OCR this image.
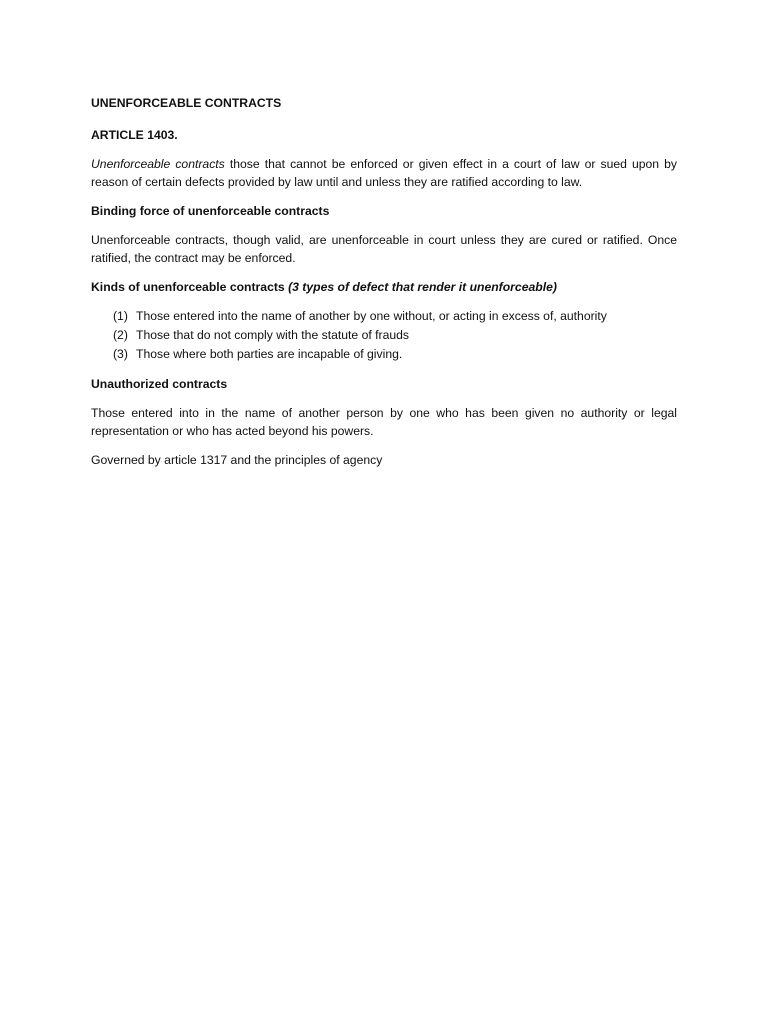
UNENFORCEABLE CONTRACTS

ARTICLE 1403.

Unenforceable contracts those that cannot be enforced or given effect in a court of law or sued upon by reason of certain defects provided by law until and unless they are ratified according to law.

Binding force of unenforceable contracts

Unenforceable contracts, though valid, are unenforceable in court unless they are cured or ratified. Once ratified, the contract may be enforced.

Kinds of unenforceable contracts (3 types of defect that render it unenforceable)

(1) Those entered into the name of another by one without, or acting in excess of, authority
(2) Those that do not comply with the statute of frauds
(3) Those where both parties are incapable of giving.

Unauthorized contracts

Those entered into in the name of another person by one who has been given no authority or legal representation or who has acted beyond his powers.

Governed by article 1317 and the principles of agency
